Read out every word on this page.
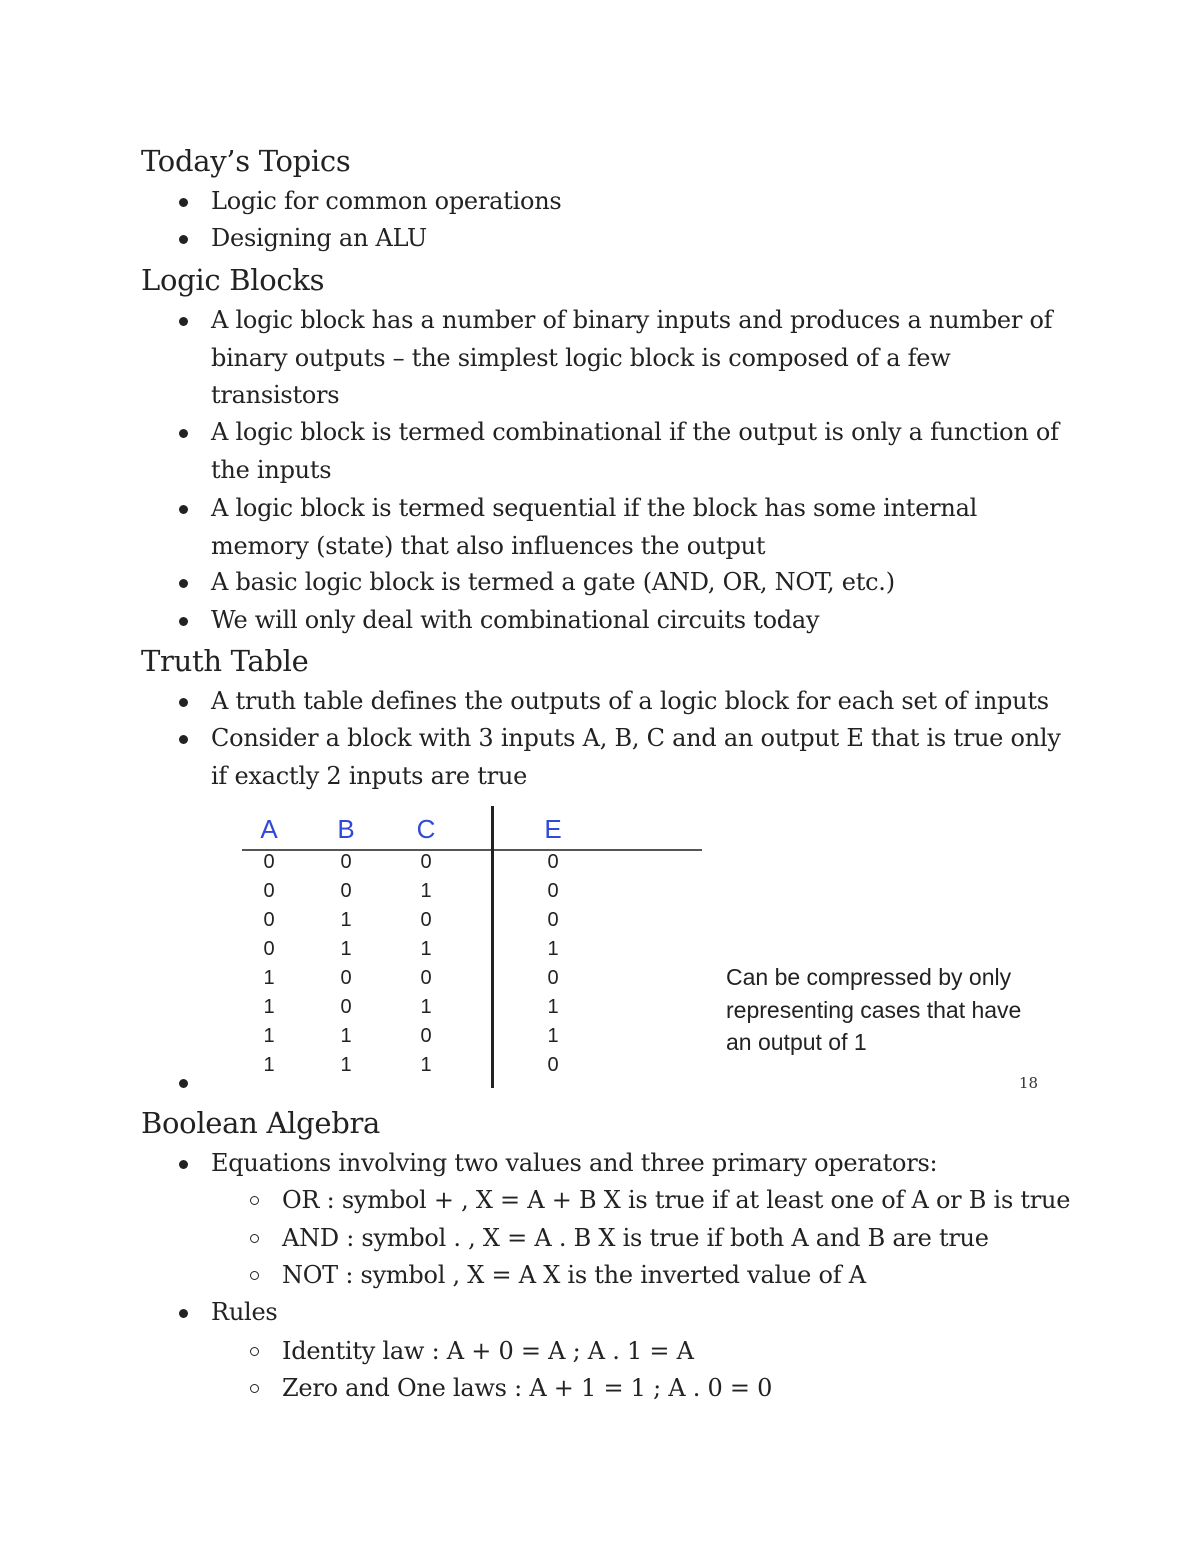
Today’s Topics
Logic for common operations
Designing an ALU
Logic Blocks
A logic block has a number of binary inputs and produces a number of binary outputs – the simplest logic block is composed of a few transistors
A logic block is termed combinational if the output is only a function of the inputs
A logic block is termed sequential if the block has some internal memory (state) that also influences the output
A basic logic block is termed a gate (AND, OR, NOT, etc.)
We will only deal with combinational circuits today
Truth Table
A truth table defines the outputs of a logic block for each set of inputs
Consider a block with 3 inputs A, B, C and an output E that is true only if exactly 2 inputs are true
A	B	C	E
0	0	0	0
0	0	1	0
0	1	0	0
0	1	1	1
1	0	0	0
1	0	1	1
1	1	0	1
1	1	1	0
Can be compressed by only representing cases that have an output of 1
18
Boolean Algebra
Equations involving two values and three primary operators:
OR : symbol + , X = A + B X is true if at least one of A or B is true
AND : symbol . , X = A . B X is true if both A and B are true
NOT : symbol , X = A X is the inverted value of A
Rules
Identity law : A + 0 = A ; A . 1 = A
Zero and One laws : A + 1 = 1 ; A . 0 = 0
